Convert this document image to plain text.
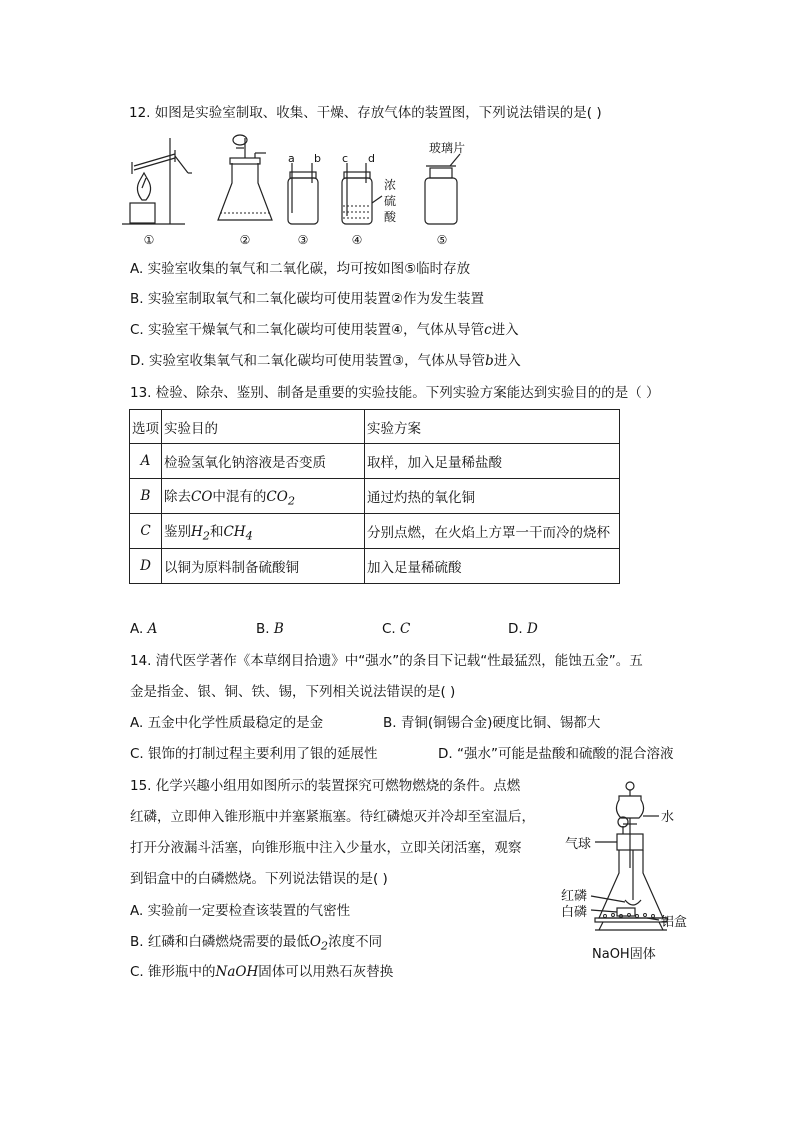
12. 如图是实验室制取、收集、干燥、存放气体的装置图，下列说法错误的是( )
①	②
a b
③
c d
浓
硫
酸
④
玻璃片
⑤
A. 实验室收集的氧气和二氧化碳，均可按如图⑤临时存放
B. 实验室制取氧气和二氧化碳均可使用装置②作为发生装置
C. 实验室干燥氧气和二氧化碳均可使用装置④，气体从导管c进入
D. 实验室收集氧气和二氧化碳均可使用装置③，气体从导管b进入
13. 检验、除杂、鉴别、制备是重要的实验技能。下列实验方案能达到实验目的的是（ ）
选项	实验目的	实验方案
A	检验氢氧化钠溶液是否变质	取样，加入足量稀盐酸
B	除去CO中混有的$CO_2$	通过灼热的氧化铜
C	鉴别$H_2$和$CH_4$	分别点燃，在火焰上方罩一干而冷的烧杯
D	以铜为原料制备硫酸铜	加入足量稀硫酸
A. A	B. B	C. C	D. D
14. 清代医学著作《本草纲目拾遗》中“强水”的条目下记载“性最猛烈，能蚀五金”。五
金是指金、银、铜、铁、锡，下列相关说法错误的是( )
A. 五金中化学性质最稳定的是金	B. 青铜(铜锡合金)硬度比铜、锡都大
C. 银饰的打制过程主要利用了银的延展性	D. “强水”可能是盐酸和硫酸的混合溶液
15. 化学兴趣小组用如图所示的装置探究可燃物燃烧的条件。点燃
红磷，立即伸入锥形瓶中并塞紧瓶塞。待红磷熄灭并冷却至室温后，
打开分液漏斗活塞，向锥形瓶中注入少量水，立即关闭活塞，观察
到铝盒中的白磷燃烧。下列说法错误的是( )
A. 实验前一定要检查该装置的气密性
B. 红磷和白磷燃烧需要的最低$O_2$浓度不同
C. 锥形瓶中的NaOH固体可以用熟石灰替换
水
气球
红磷
白磷
铝盒
NaOH固体
